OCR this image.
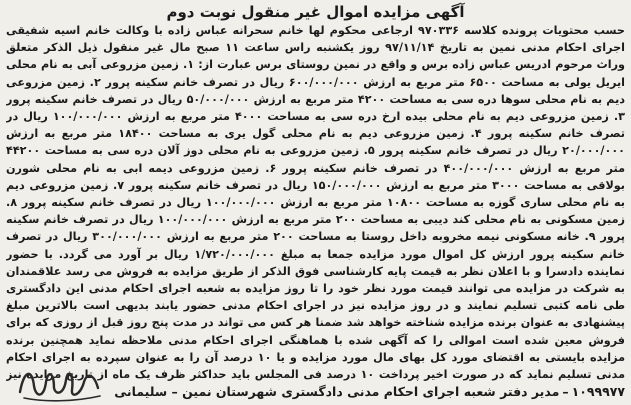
آگهی مزایده اموال غیر منقول نوبت دوم

حسب محتویات پرونده کلاسه ۹۷۰۳۳۶ ارجاعی محکوم لها خانم سحرانه عباس زاده با وکالت خانم اسیه شفیقی اجرای احکام مدنی نمین به تاریخ ۹۷/۱۱/۱۴ روز یکشنبه راس ساعت ۱۱ صبح مال غیر منقول ذیل الذکر متعلق وراث مرحوم ادریس عباس زاده برس و واقع در نمین روستای برس عبارت از: ۱. زمین مزروعی آبی به نام محلی ایریل یولی به مساحت ۶۵۰۰ متر مربع به ارزش ۶۰۰/۰۰۰/۰۰۰ ریال در تصرف خانم سکینه پرور ۲. زمین مزروعی دیم به نام محلی سوها دره سی به مساحت ۴۲۰۰ متر مربع به ارزش ۵۰/۰۰۰/۰۰۰ ریال در تصرف خانم سکینه پرور ۳. زمین مزروعی دیم به نام محلی بیده ارخ دره سی به مساحت ۴۰۰۰ متر مربع به ارزش ۱۰۰/۰۰۰/۰۰۰ ریال در تصرف خانم سکینه پرور ۴. زمین مزروعی دیم به نام محلی گول یری به مساحت ۱۸۴۰۰ متر مربع به ارزش ۲۰/۰۰۰/۰۰۰ ریال در تصرف خانم سکینه پرور ۵. زمین مزروعی به نام محلی دوز آلان دره سی به مساحت ۴۴۲۰۰ متر مربع به ارزش ۴۰۰/۰۰۰/۰۰۰ در تصرف خانم سکینه پرور ۶. زمین مزروعی دیمه ابی به نام محلی شورن بولاقی به مساحت ۳۰۰۰ متر مربع به ارزش ۱۵۰/۰۰۰/۰۰۰ ریال در تصرف خانم سکینه پرور ۷. زمین مزروعی دیم به نام محلی ساری گوزه به مساحت ۱۰۸۰۰ متر مربع به ارزش ۱۰۰/۰۰۰/۰۰۰ ریال در تصرف خانم سکینه پرور ۸. زمین مسکونی به نام محلی کند دیبی به مساحت ۲۰۰ متر مربع به ارزش ۱۰۰/۰۰۰/۰۰۰ ریال در تصرف خانم سکینه پرور ۹. خانه مسکونی نیمه مخروبه داخل روستا به مساحت ۲۰۰ متر مربع به ارزش ۳۰۰/۰۰۰/۰۰۰ ریال در تصرف خانم سکینه پرور ارزش کل اموال مورد مزایده جمعا به مبلغ ۱/۷۲۰/۰۰۰/۰۰۰ ریال بر آورد می گردد. با حضور نماینده دادسرا و با اعلان نظر به قیمت پایه کارشناسی فوق الذکر از طریق مزایده به فروش می رسد علاقمندان به شرکت در مزایده می توانند قیمت مورد نظر خود را تا روز مزایده به شعبه اجرای احکام مدنی این دادگستری طی نامه کتبی تسلیم نمایند و در روز مزایده نیز در اجرای احکام مدنی حضور یابند بدیهی است بالاترین مبلغ پیشنهادی به عنوان برنده مزایده شناخته خواهد شد ضمنا هر کس می تواند در مدت پنج روز قبل از روزی که برای فروش معین شده است اموالی را که آگهی شده با هماهنگی اجرای احکام مدنی ملاحظه نماید همچنین برنده مزایده بایستی به اقتضای مورد کل بهای مال مورد مزایده و یا ۱۰ درصد آن را به عنوان سپرده به اجرای احکام مدنی تسلیم نماید که در صورت اخیر پرداخت ۱۰ درصد فی المجلس باید حداکثر ظرف یک ماه از تاریخ مزایده نیز

۱۰۹۹۹۷۷
–
مدیر دفتر شعبه اجرای احکام مدنی دادگستری شهرستان نمین – سلیمانی
